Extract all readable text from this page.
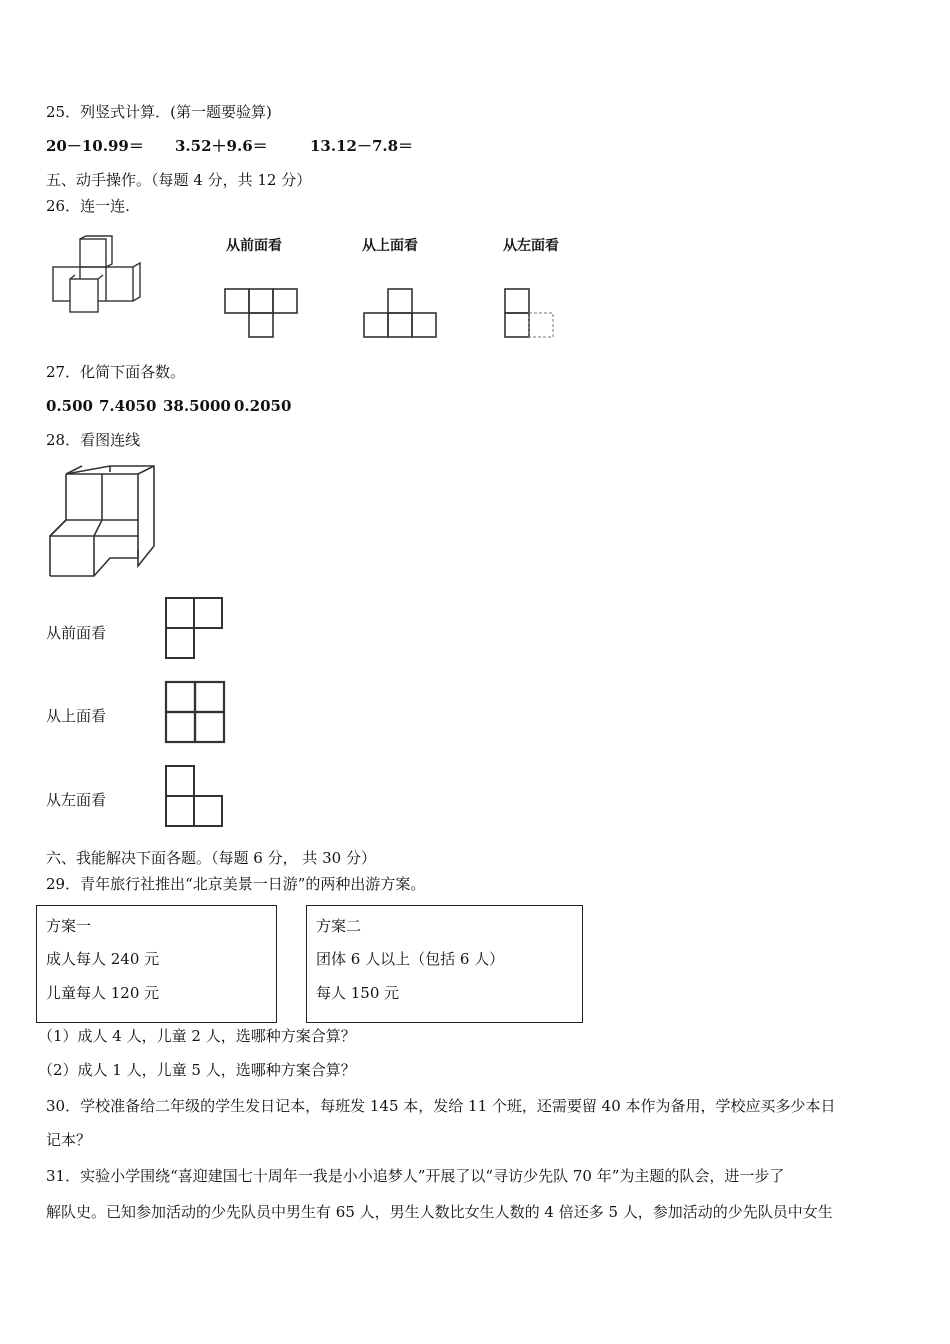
25．列竖式计算．(第一题要验算)
20－10.99＝ 3.52＋9.6＝	13.12－7.8＝
五、动手操作。（每题 4 分，共 12 分）
26．连一连.
从前面看	从上面看	从左面看
27．化简下面各数。
0.500 7.4050 38.5000 0.2050
28．看图连线
从前面看
从上面看
从左面看
六、我能解决下面各题。（每题 6 分， 共 30 分）
29．青年旅行社推出“北京美景一日游”的两种出游方案。
方案一
成人每人 240 元
儿童每人 120 元
方案二
团体 6 人以上（包括 6 人）
每人 150 元
（1）成人 4 人，儿童 2 人，选哪种方案合算？
（2）成人 1 人，儿童 5 人，选哪种方案合算？
30．学校准备给二年级的学生发日记本，每班发 145 本，发给 11 个班，还需要留 40 本作为备用，学校应买多少本日
记本？
31．实验小学围绕“喜迎建国七十周年一我是小小追梦人”开展了以“寻访少先队 70 年”为主题的队会，进一步了
解队史。已知参加活动的少先队员中男生有 65 人，男生人数比女生人数的 4 倍还多 5 人，参加活动的少先队员中女生
